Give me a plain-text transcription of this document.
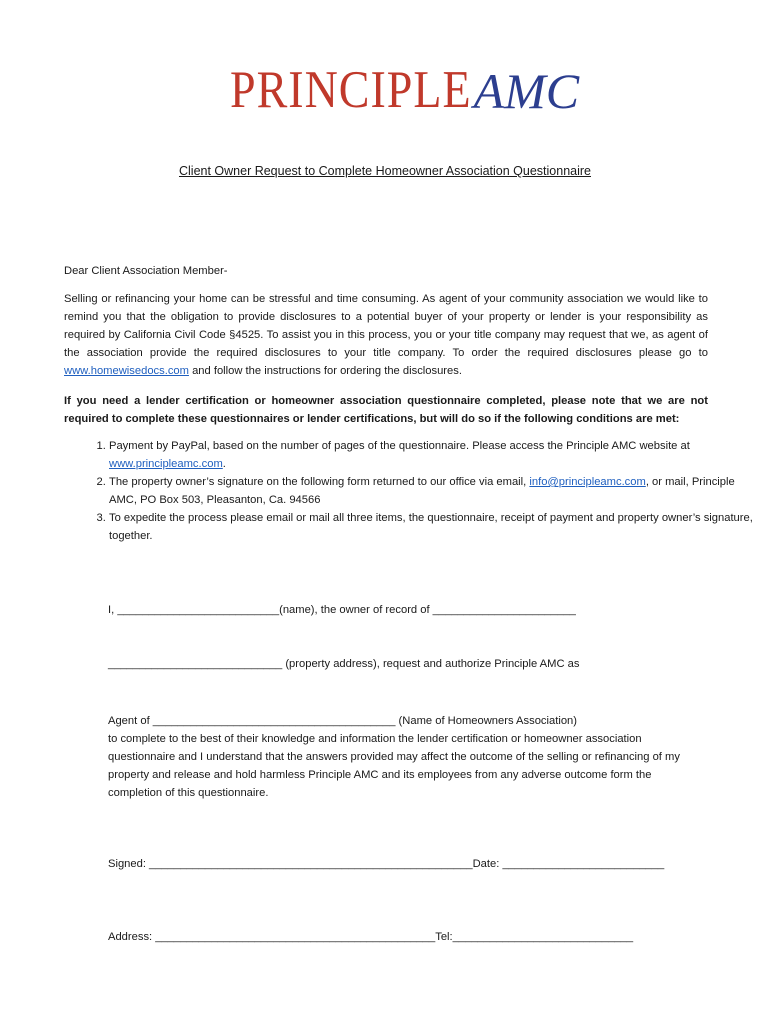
PRINCIPLE AMC
Client Owner Request to Complete Homeowner Association Questionnaire
Dear Client Association Member-
Selling or refinancing your home can be stressful and time consuming. As agent of your community association we would like to remind you that the obligation to provide disclosures to a potential buyer of your property or lender is your responsibility as required by California Civil Code §4525. To assist you in this process, you or your title company may request that we, as agent of the association provide the required disclosures to your title company. To order the required disclosures please go to www.homewisedocs.com and follow the instructions for ordering the disclosures.
If you need a lender certification or homeowner association questionnaire completed, please note that we are not required to complete these questionnaires or lender certifications, but will do so if the following conditions are met:
1. Payment by PayPal, based on the number of pages of the questionnaire. Please access the Principle AMC website at www.principleamc.com.
2. The property owner’s signature on the following form returned to our office via email, info@principleamc.com, or mail, Principle AMC, PO Box 503, Pleasanton, Ca. 94566
3. To expedite the process please email or mail all three items, the questionnaire, receipt of payment and property owner’s signature, together.
I, __________________________(name), the owner of record of _______________________
____________________________ (property address), request and authorize Principle AMC as
Agent of _______________________________________ (Name of Homeowners Association)
to complete to the best of their knowledge and information the lender certification or homeowner association questionnaire and I understand that the answers provided may affect the outcome of the selling or refinancing of my property and release and hold harmless Principle AMC and its employees from any adverse outcome form the completion of this questionnaire.
Signed: ____________________________________________________Date: __________________________
Address: _____________________________________________Tel:_____________________________
